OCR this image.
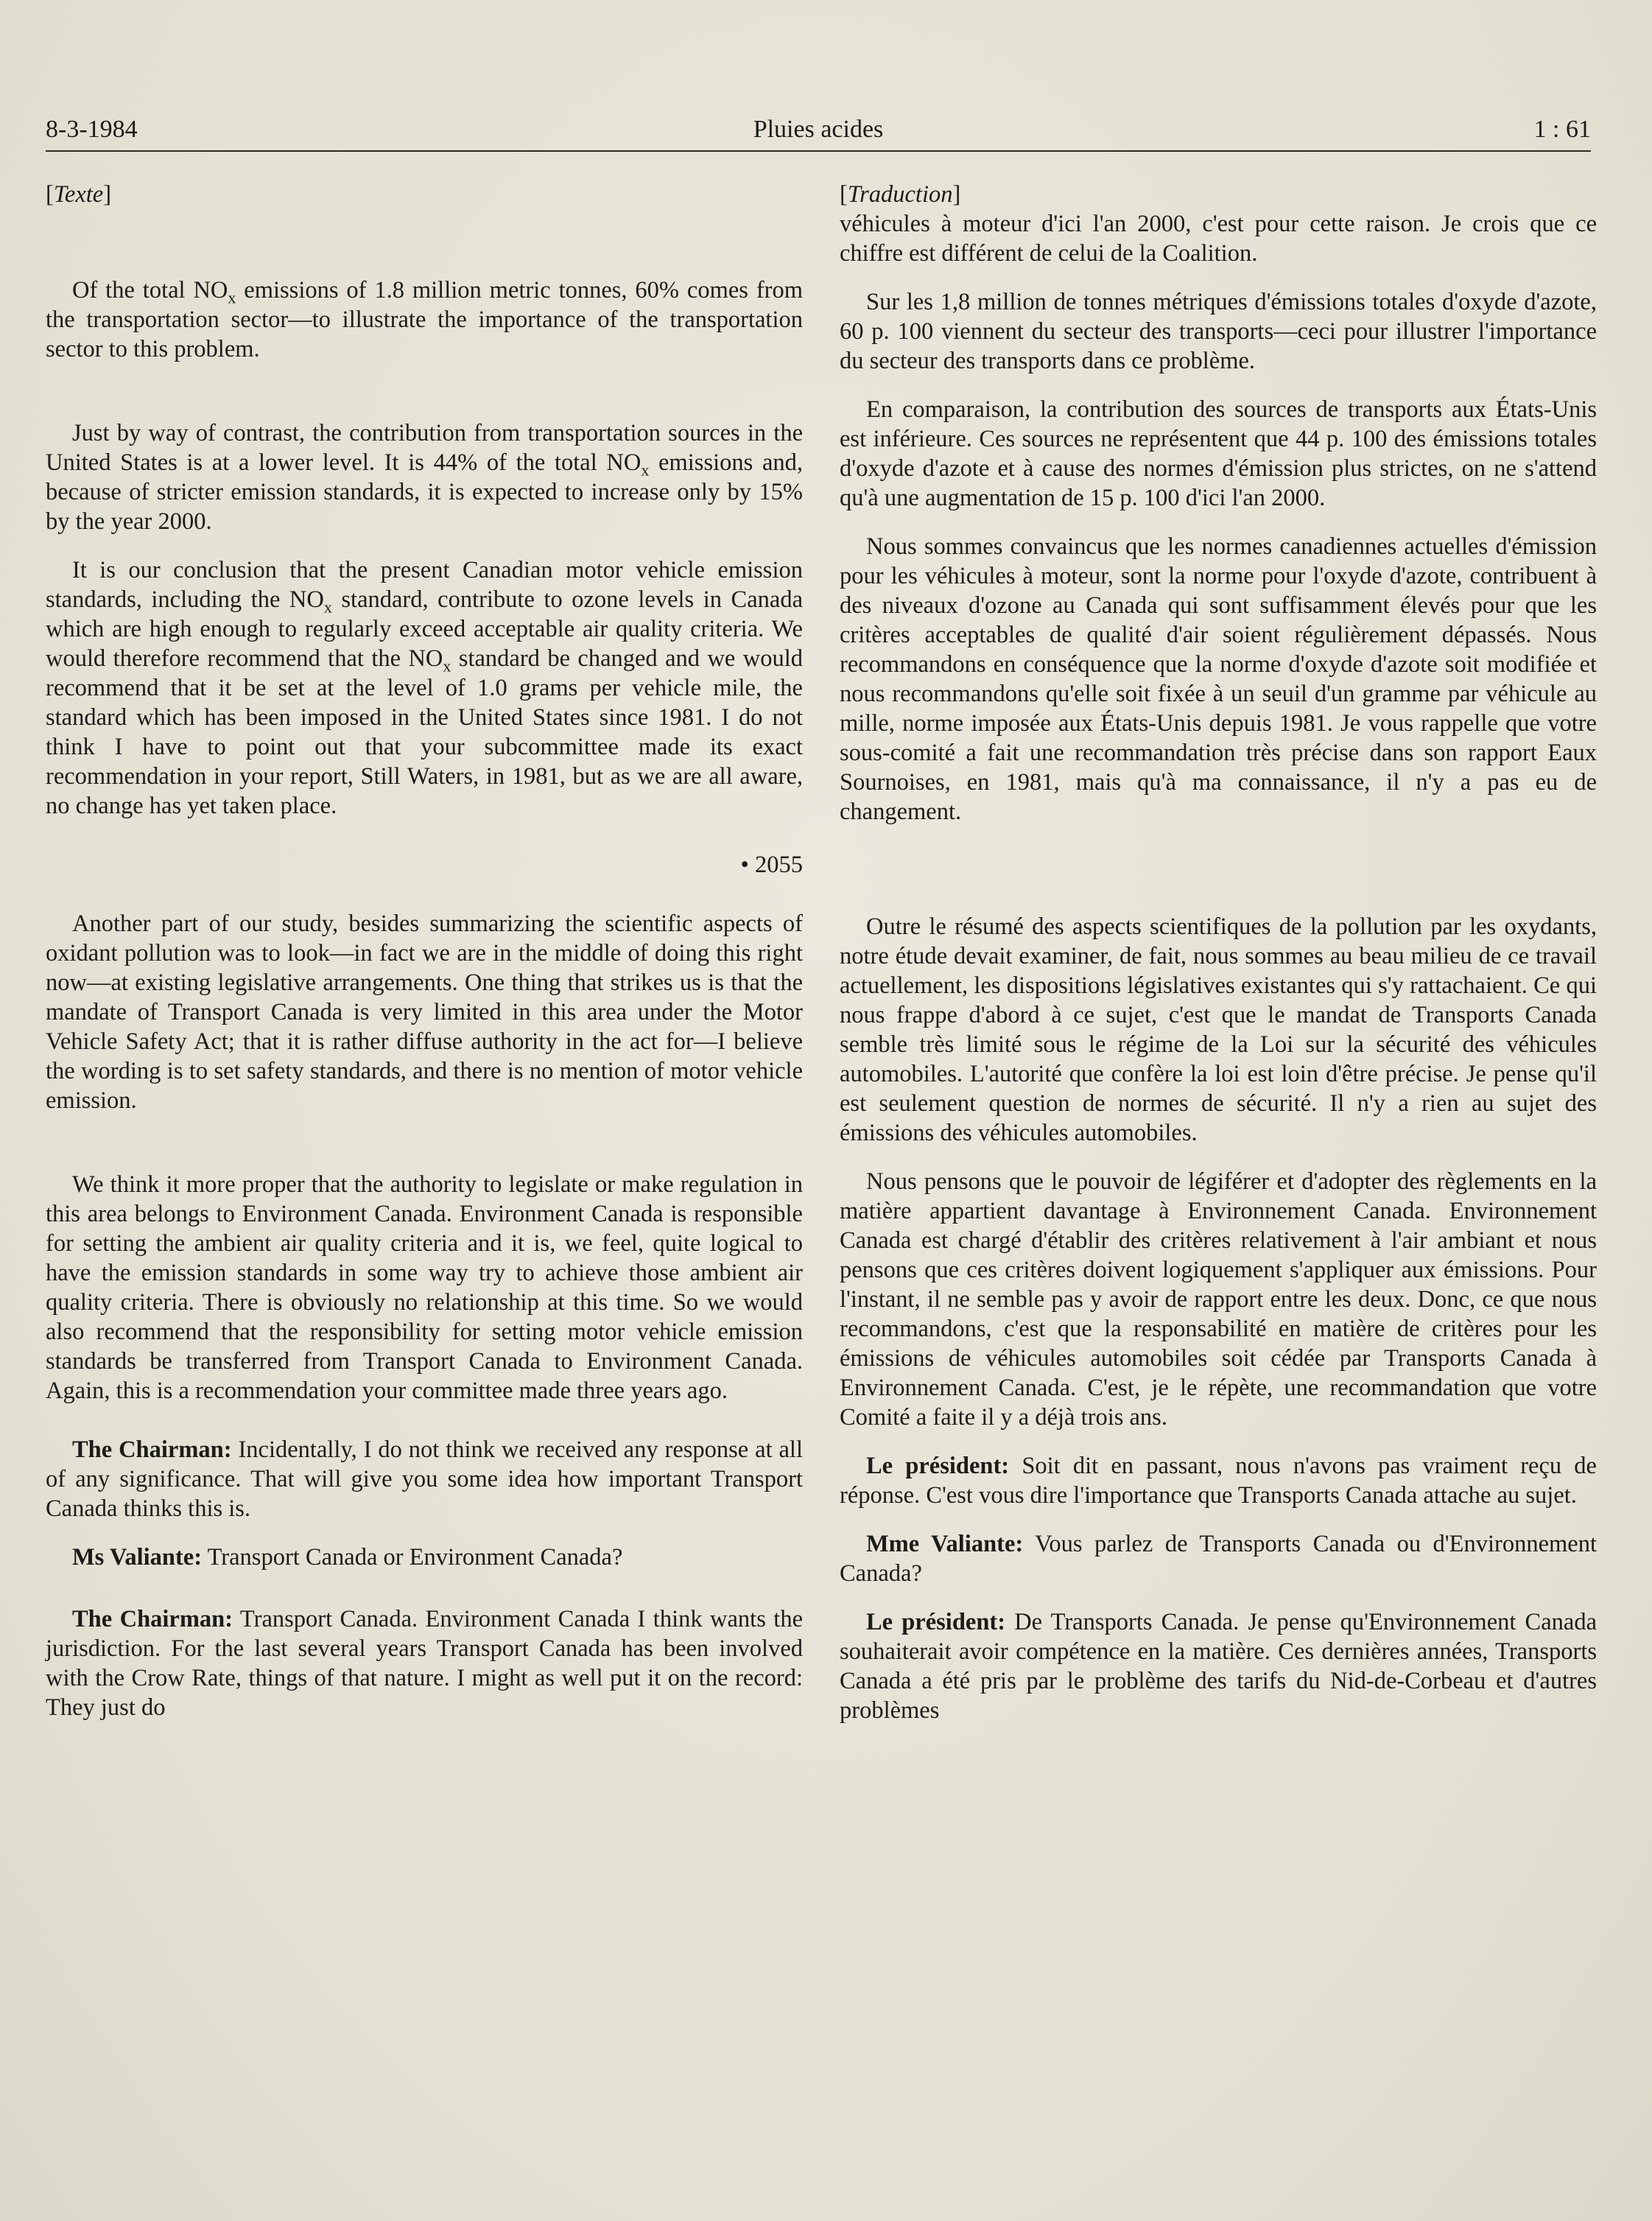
8-3-1984	Pluies acides	1 : 61

[Texte]

Of the total $NO_x$ emissions of 1.8 million metric tonnes, 60% comes from the transportation sector—to illustrate the importance of the transportation sector to this problem.

Just by way of contrast, the contribution from transportation sources in the United States is at a lower level. It is 44% of the total $NO_x$ emissions and, because of stricter emission standards, it is expected to increase only by 15% by the year 2000.

It is our conclusion that the present Canadian motor vehicle emission standards, including the $NO_x$ standard, contribute to ozone levels in Canada which are high enough to regularly exceed acceptable air quality criteria. We would therefore recommend that the $NO_x$ standard be changed and we would recommend that it be set at the level of 1.0 grams per vehicle mile, the standard which has been imposed in the United States since 1981. I do not think I have to point out that your subcommittee made its exact recommendation in your report, Still Waters, in 1981, but as we are all aware, no change has yet taken place.

• 2055

Another part of our study, besides summarizing the scientific aspects of oxidant pollution was to look—in fact we are in the middle of doing this right now—at existing legislative arrangements. One thing that strikes us is that the mandate of Transport Canada is very limited in this area under the Motor Vehicle Safety Act; that it is rather diffuse authority in the act for—I believe the wording is to set safety standards, and there is no mention of motor vehicle emission.

We think it more proper that the authority to legislate or make regulation in this area belongs to Environment Canada. Environment Canada is responsible for setting the ambient air quality criteria and it is, we feel, quite logical to have the emission standards in some way try to achieve those ambient air quality criteria. There is obviously no relationship at this time. So we would also recommend that the responsibility for setting motor vehicle emission standards be transferred from Transport Canada to Environment Canada. Again, this is a recommendation your committee made three years ago.

The Chairman: Incidentally, I do not think we received any response at all of any significance. That will give you some idea how important Transport Canada thinks this is.

Ms Valiante: Transport Canada or Environment Canada?

The Chairman: Transport Canada. Environment Canada I think wants the jurisdiction. For the last several years Transport Canada has been involved with the Crow Rate, things of that nature. I might as well put it on the record: They just do

[Traduction]

véhicules à moteur d'ici l'an 2000, c'est pour cette raison. Je crois que ce chiffre est différent de celui de la Coalition.

Sur les 1,8 million de tonnes métriques d'émissions totales d'oxyde d'azote, 60 p. 100 viennent du secteur des transports—ceci pour illustrer l'importance du secteur des transports dans ce problème.

En comparaison, la contribution des sources de transports aux États-Unis est inférieure. Ces sources ne représentent que 44 p. 100 des émissions totales d'oxyde d'azote et à cause des normes d'émission plus strictes, on ne s'attend qu'à une augmentation de 15 p. 100 d'ici l'an 2000.

Nous sommes convaincus que les normes canadiennes actuelles d'émission pour les véhicules à moteur, sont la norme pour l'oxyde d'azote, contribuent à des niveaux d'ozone au Canada qui sont suffisamment élevés pour que les critères acceptables de qualité d'air soient régulièrement dépassés. Nous recommandons en conséquence que la norme d'oxyde d'azote soit modifiée et nous recommandons qu'elle soit fixée à un seuil d'un gramme par véhicule au mille, norme imposée aux États-Unis depuis 1981. Je vous rappelle que votre sous-comité a fait une recommandation très précise dans son rapport Eaux Sournoises, en 1981, mais qu'à ma connaissance, il n'y a pas eu de changement.

Outre le résumé des aspects scientifiques de la pollution par les oxydants, notre étude devait examiner, de fait, nous sommes au beau milieu de ce travail actuellement, les dispositions législatives existantes qui s'y rattachaient. Ce qui nous frappe d'abord à ce sujet, c'est que le mandat de Transports Canada semble très limité sous le régime de la Loi sur la sécurité des véhicules automobiles. L'autorité que confère la loi est loin d'être précise. Je pense qu'il est seulement question de normes de sécurité. Il n'y a rien au sujet des émissions des véhicules automobiles.

Nous pensons que le pouvoir de légiférer et d'adopter des règlements en la matière appartient davantage à Environnement Canada. Environnement Canada est chargé d'établir des critères relativement à l'air ambiant et nous pensons que ces critères doivent logiquement s'appliquer aux émissions. Pour l'instant, il ne semble pas y avoir de rapport entre les deux. Donc, ce que nous recommandons, c'est que la responsabilité en matière de critères pour les émissions de véhicules automobiles soit cédée par Transports Canada à Environnement Canada. C'est, je le répète, une recommandation que votre Comité a faite il y a déjà trois ans.

Le président: Soit dit en passant, nous n'avons pas vraiment reçu de réponse. C'est vous dire l'importance que Transports Canada attache au sujet.

Mme Valiante: Vous parlez de Transports Canada ou d'Environnement Canada?

Le président: De Transports Canada. Je pense qu'Environnement Canada souhaiterait avoir compétence en la matière. Ces dernières années, Transports Canada a été pris par le problème des tarifs du Nid-de-Corbeau et d'autres problèmes
